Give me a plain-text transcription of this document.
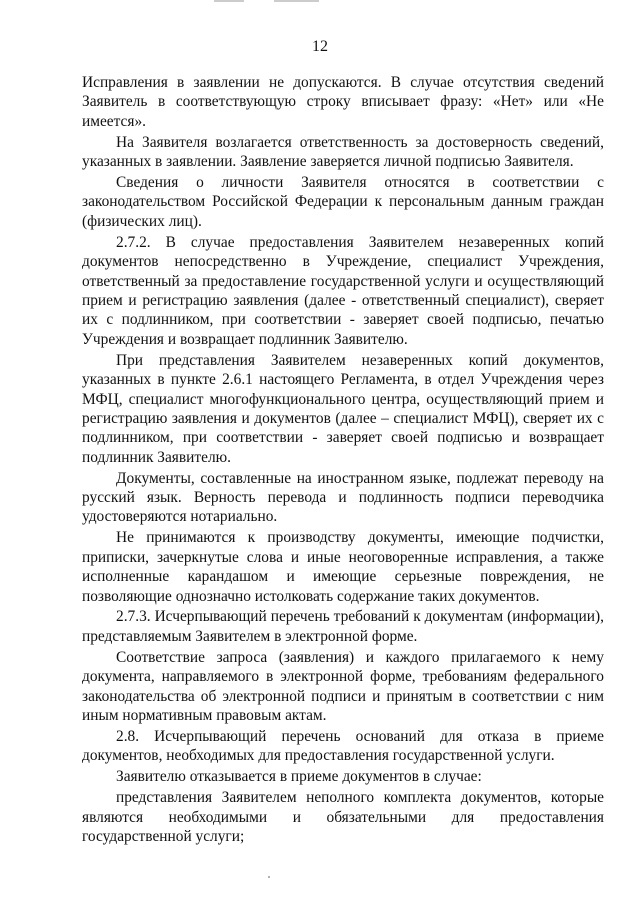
12

Исправления в заявлении не допускаются. В случае отсутствия сведений Заявитель в соответствующую строку вписывает фразу: «Нет» или «Не имеется».

На Заявителя возлагается ответственность за достоверность сведений, указанных в заявлении. Заявление заверяется личной подписью Заявителя.

Сведения о личности Заявителя относятся в соответствии с законодательством Российской Федерации к персональным данным граждан (физических лиц).

2.7.2. В случае предоставления Заявителем незаверенных копий документов непосредственно в Учреждение, специалист Учреждения, ответственный за предоставление государственной услуги и осуществляющий прием и регистрацию заявления (далее - ответственный специалист), сверяет их с подлинником, при соответствии - заверяет своей подписью, печатью Учреждения и возвращает подлинник Заявителю.

При представления Заявителем незаверенных копий документов, указанных в пункте 2.6.1 настоящего Регламента, в отдел Учреждения через МФЦ, специалист многофункционального центра, осуществляющий прием и регистрацию заявления и документов (далее – специалист МФЦ), сверяет их с подлинником, при соответствии - заверяет своей подписью и возвращает подлинник Заявителю.

Документы, составленные на иностранном языке, подлежат переводу на русский язык. Верность перевода и подлинность подписи переводчика удостоверяются нотариально.

Не принимаются к производству документы, имеющие подчистки, приписки, зачеркнутые слова и иные неоговоренные исправления, а также исполненные карандашом и имеющие серьезные повреждения, не позволяющие однозначно истолковать содержание таких документов.

2.7.3. Исчерпывающий перечень требований к документам (информации), представляемым Заявителем в электронной форме.

Соответствие запроса (заявления) и каждого прилагаемого к нему документа, направляемого в электронной форме, требованиям федерального законодательства об электронной подписи и принятым в соответствии с ним иным нормативным правовым актам.

2.8. Исчерпывающий перечень оснований для отказа в приеме документов, необходимых для предоставления государственной услуги.

Заявителю отказывается в приеме документов в случае:

представления Заявителем неполного комплекта документов, которые являются необходимыми и обязательными для предоставления государственной услуги;
